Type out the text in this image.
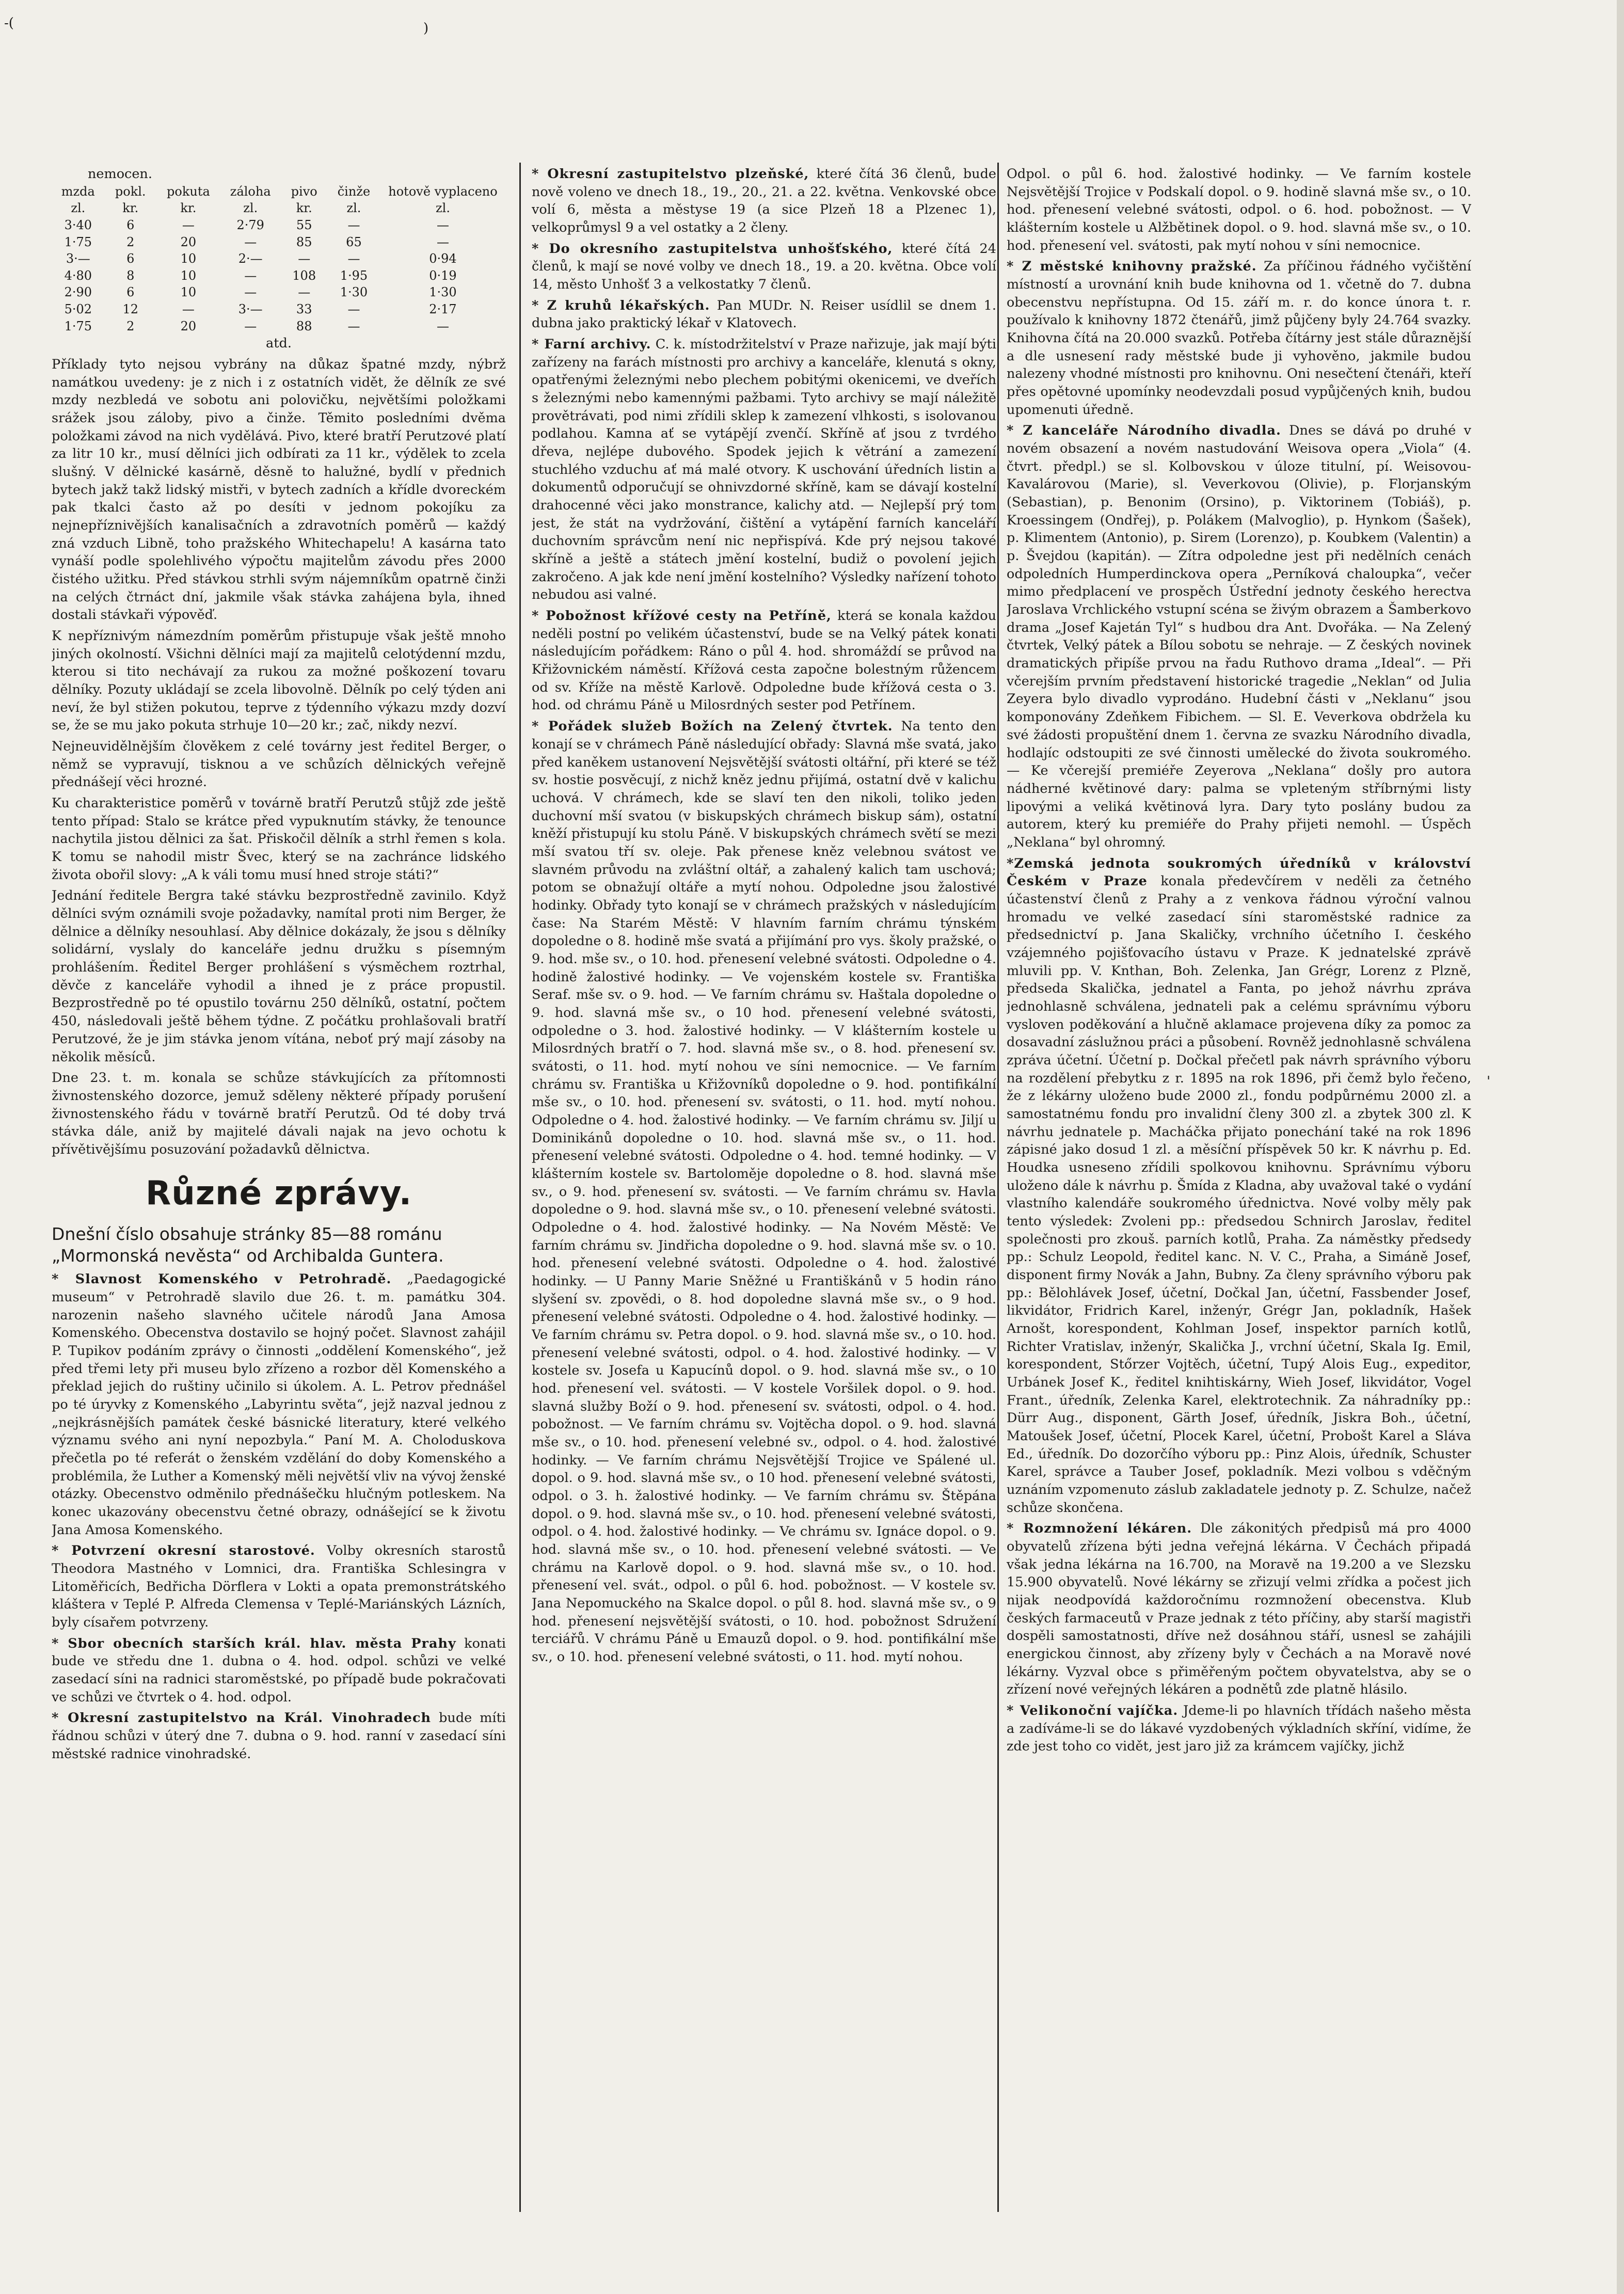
-(	)
'

nemocen.

mzda zl.	pokl. kr.	pokuta kr.	záloha zl.	pivo kr.	činže zl.	hotově vyplaceno zl.
3·40	6	—	2·79	55	—	—
1·75	2	20	—	85	65	—
3·—	6	10	2·—	—	—	0·94
4·80	8	10	—	108	1·95	0·19
2·90	6	10	—	—	1·30	1·30
5·02	12	—	3·—	33	—	2·17
1·75	2	20	—	88	—	—

atd.

Příklady tyto nejsou vybrány na důkaz špatné mzdy, nýbrž namátkou uvedeny: je z nich i z ostatních vidět, že dělník ze své mzdy nezbledá ve sobotu ani polovičku, největšími položkami srážek jsou záloby, pivo a činže. Těmito posledními dvěma položkami závod na nich vydělává. Pivo, které bratří Perutzové platí za litr 10 kr., musí dělníci jich odbírati za 11 kr., výdělek to zcela slušný. V dělnické kasárně, děsně to halužné, bydlí v přednich bytech jakž takž lidský mistři, v bytech zadních a křídle dvoreckém pak tkalci často až po desíti v jednom pokojíku za nejnepříznivějších kanalisačních a zdravotních poměrů — každý zná vzduch Libně, toho pražského Whitechapelu! A kasárna tato vynáší podle spolehlivého výpočtu majitelům závodu přes 2000 čistého užitku. Před stávkou strhli svým nájemníkům opatrně činži na celých čtrnáct dní, jakmile však stávka zahájena byla, ihned dostali stávkaři výpověď.

K nepříznivým námezdním poměrům přistupuje však ještě mnoho jiných okolností. Všichni dělníci mají za majitelů celotýdenní mzdu, kterou si tito nechávají za rukou za možné poškození tovaru dělníky. Pozuty ukládají se zcela libovolně. Dělník po celý týden ani neví, že byl stižen pokutou, teprve z týdenního výkazu mzdy dozví se, že se mu jako pokuta strhuje 10—20 kr.; zač, nikdy nezví.

Nejneuvidělnějším člověkem z celé továrny jest ředitel Berger, o němž se vypravují, tisknou a ve schůzích dělnických veřejně přednášejí věci hrozné.

Ku charakteristice poměrů v továrně bratří Perutzů stůjž zde ještě tento případ: Stalo se krátce před vypuknutím stávky, že tenounce nachytila jistou dělnici za šat. Přiskočil dělník a strhl řemen s kola. K tomu se nahodil mistr Švec, který se na zachránce lidského života obořil slovy: „A k váli tomu musí hned stroje státi?“

Jednání ředitele Bergra také stávku bezprostředně zavinilo. Když dělníci svým oznámili svoje požadavky, namítal proti nim Berger, že dělnice a dělníky nesouhlasí. Aby dělnice dokázaly, že jsou s dělníky solidární, vyslaly do kanceláře jednu družku s písemným prohlášením. Ředitel Berger prohlášení s výsměchem roztrhal, děvče z kanceláře vyhodil a ihned je z práce propustil. Bezprostředně po té opustilo továrnu 250 dělníků, ostatní, počtem 450, následovali ještě během týdne. Z počátku prohlašovali bratří Perutzové, že je jim stávka jenom vítána, neboť prý mají zásoby na několik měsíců.

Dne 23. t. m. konala se schůze stávkujících za přítomnosti živnostenského dozorce, jemuž sděleny některé případy porušení živnostenského řádu v továrně bratří Perutzů. Od té doby trvá stávka dále, aniž by majitelé dávali najak na jevo ochotu k přívětivějšímu posuzování požadavků dělnictva.

Různé zprávy.

Dnešní číslo obsahuje stránky 85—88 románu „Mormonská nevěsta“ od Archibalda Guntera.

* Slavnost Komenského v Petrohradě. „Paedagogické museum“ v Petrohradě slavilo due 26. t. m. památku 304. narozenin našeho slavného učitele národů Jana Amosa Komenského. Obecenstva dostavilo se hojný počet. Slavnost zahájil P. Tupikov podáním zprávy o činnosti „oddělení Komenského“, jež před třemi lety při museu bylo zřízeno a rozbor děl Komenského a překlad jejich do ruštiny učinilo si úkolem. A. L. Petrov přednášel po té úryvky z Komenského „Labyrintu světa“, jejž nazval jednou z „nejkrásnějších památek české básnické literatury, které velkého významu svého ani nyní nepozbyla.“ Paní M. A. Choloduskova přečetla po té referát o ženském vzdělání do doby Komenského a problémila, že Luther a Komenský měli největší vliv na vývoj ženské otázky. Obecenstvo odměnilo přednášečku hlučným potleskem. Na konec ukazovány obecenstvu četné obrazy, odnášející se k životu Jana Amosa Komenského.

* Potvrzení okresní starostové. Volby okresních starostů Theodora Mastného v Lomnici, dra. Františka Schlesingra v Litoměřicích, Bedřicha Dörflera v Lokti a opata premonstrátského kláštera v Teplé P. Alfreda Clemensa v Teplé-Mariánských Lázních, byly císařem potvrzeny.

* Sbor obecních starších král. hlav. města Prahy konati bude ve středu dne 1. dubna o 4. hod. odpol. schůzi ve velké zasedací síni na radnici staroměstské, po případě bude pokračovati ve schůzi ve čtvrtek o 4. hod. odpol.

* Okresní zastupitelstvo na Král. Vinohradech bude míti řádnou schůzi v úterý dne 7. dubna o 9. hod. ranní v zasedací síni městské radnice vinohradské.

* Okresní zastupitelstvo plzeňské, které čítá 36 členů, bude nově voleno ve dnech 18., 19., 20., 21. a 22. května. Venkovské obce volí 6, města a městyse 19 (a sice Plzeň 18 a Plzenec 1), velkoprůmysl 9 a vel ostatky a 2 členy.

* Do okresního zastupitelstva unhošťského, které čítá 24 členů, k mají se nové volby ve dnech 18., 19. a 20. května. Obce volí 14, město Unhošť 3 a velkostatky 7 členů.

* Z kruhů lékařských. Pan MUDr. N. Reiser usídlil se dnem 1. dubna jako praktický lékař v Klatovech.

* Farní archivy. C. k. místodržitelství v Praze nařizuje, jak mají býti zařízeny na farách místnosti pro archivy a kanceláře, klenutá s okny, opatřenými železnými nebo plechem pobitými okenicemi, ve dveřích s železnými nebo kamennými pažbami. Tyto archivy se mají náležitě provětrávati, pod nimi zřídili sklep k zamezení vlhkosti, s isolovanou podlahou. Kamna ať se vytápějí zvenčí. Skříně ať jsou z tvrdého dřeva, nejlépe dubového. Spodek jejich k větrání a zamezení stuchlého vzduchu ať má malé otvory. K uschování úředních listin a dokumentů odporučují se ohnivzdorné skříně, kam se dávají kostelní drahocenné věci jako monstrance, kalichy atd. — Nejlepší prý tom jest, že stát na vydržování, čištění a vytápění farních kanceláří duchovním správcům není nic nepřispívá. Kde prý nejsou takové skříně a ještě a státech jmění kostelní, budiž o povolení jejich zakročeno. A jak kde není jmění kostelního? Výsledky nařízení tohoto nebudou asi valné.

* Pobožnost křížové cesty na Petříně, která se konala každou neděli postní po velikém účastenství, bude se na Velký pátek konati následujícím pořádkem: Ráno o půl 4. hod. shromáždí se průvod na Křižovnickém náměstí. Křížová cesta započne bolestným růžencem od sv. Kříže na městě Karlově. Odpoledne bude křížová cesta o 3. hod. od chrámu Páně u Milosrdných sester pod Petřínem.

* Pořádek služeb Božích na Zelený čtvrtek. Na tento den konají se v chrámech Páně následující obřady: Slavná mše svatá, jako před kaněkem ustanovení Nejsvětější svátosti oltářní, při které se též sv. hostie posvěcují, z nichž kněz jednu přijímá, ostatní dvě v kalichu uchová. V chrámech, kde se slaví ten den nikoli, toliko jeden duchovní mší svatou (v biskupských chrámech biskup sám), ostatní kněží přistupují ku stolu Páně. V biskupských chrámech světí se mezi mší svatou tří sv. oleje. Pak přenese kněz velebnou svátost ve slavném průvodu na zvláštní oltář, a zahalený kalich tam uschová; potom se obnažují oltáře a mytí nohou. Odpoledne jsou žalostivé hodinky. Obřady tyto konají se v chrámech pražských v následujícím čase: Na Starém Městě: V hlavním farním chrámu týnském dopoledne o 8. hodině mše svatá a přijímání pro vys. školy pražské, o 9. hod. mše sv., o 10. hod. přenesení velebné svátosti. Odpoledne o 4. hodině žalostivé hodinky. — Ve vojenském kostele sv. Františka Seraf. mše sv. o 9. hod. — Ve farním chrámu sv. Haštala dopoledne o 9. hod. slavná mše sv., o 10 hod. přenesení velebné svátosti, odpoledne o 3. hod. žalostivé hodinky. — V klášterním kostele u Milosrdných bratří o 7. hod. slavná mše sv., o 8. hod. přenesení sv. svátosti, o 11. hod. mytí nohou ve síni nemocnice. — Ve farním chrámu sv. Františka u Křižovníků dopoledne o 9. hod. pontifikální mše sv., o 10. hod. přenesení sv. svátosti, o 11. hod. mytí nohou. Odpoledne o 4. hod. žalostivé hodinky. — Ve farním chrámu sv. Jiljí u Dominikánů dopoledne o 10. hod. slavná mše sv., o 11. hod. přenesení velebné svátosti. Odpoledne o 4. hod. temné hodinky. — V klášterním kostele sv. Bartoloměje dopoledne o 8. hod. slavná mše sv., o 9. hod. přenesení sv. svátosti. — Ve farním chrámu sv. Havla dopoledne o 9. hod. slavná mše sv., o 10. přenesení velebné svátosti. Odpoledne o 4. hod. žalostivé hodinky. — Na Novém Městě: Ve farním chrámu sv. Jindřicha dopoledne o 9. hod. slavná mše sv. o 10. hod. přenesení velebné svátosti. Odpoledne o 4. hod. žalostivé hodinky. — U Panny Marie Sněžné u Františkánů v 5 hodin ráno slyšení sv. zpovědi, o 8. hod dopoledne slavná mše sv., o 9 hod. přenesení velebné svátosti. Odpoledne o 4. hod. žalostivé hodinky. — Ve farním chrámu sv. Petra dopol. o 9. hod. slavná mše sv., o 10. hod. přenesení velebné svátosti, odpol. o 4. hod. žalostivé hodinky. — V kostele sv. Josefa u Kapucínů dopol. o 9. hod. slavná mše sv., o 10 hod. přenesení vel. svátosti. — V kostele Voršilek dopol. o 9. hod. slavná služby Boží o 9. hod. přenesení sv. svátosti, odpol. o 4. hod. pobožnost. — Ve farním chrámu sv. Vojtěcha dopol. o 9. hod. slavná mše sv., o 10. hod. přenesení velebné sv., odpol. o 4. hod. žalostivé hodinky. — Ve farním chrámu Nejsvětější Trojice ve Spálené ul. dopol. o 9. hod. slavná mše sv., o 10 hod. přenesení velebné svátosti, odpol. o 3. h. žalostivé hodinky. — Ve farním chrámu sv. Štěpána dopol. o 9. hod. slavná mše sv., o 10. hod. přenesení velebné svátosti, odpol. o 4. hod. žalostivé hodinky. — Ve chrámu sv. Ignáce dopol. o 9. hod. slavná mše sv., o 10. hod. přenesení velebné svátosti. — Ve chrámu na Karlově dopol. o 9. hod. slavná mše sv., o 10. hod. přenesení vel. svát., odpol. o půl 6. hod. pobožnost. — V kostele sv. Jana Nepomuckého na Skalce dopol. o půl 8. hod. slavná mše sv., o 9 hod. přenesení nejsvětější svátosti, o 10. hod. pobožnost Sdružení terciářů. V chrámu Páně u Emauzů dopol. o 9. hod. pontifikální mše sv., o 10. hod. přenesení velebné svátosti, o 11. hod. mytí nohou.

Odpol. o půl 6. hod. žalostivé hodinky. — Ve farním kostele Nejsvětější Trojice v Podskalí dopol. o 9. hodině slavná mše sv., o 10. hod. přenesení velebné svátosti, odpol. o 6. hod. pobožnost. — V klášterním kostele u Alžbětinek dopol. o 9. hod. slavná mše sv., o 10. hod. přenesení vel. svátosti, pak mytí nohou v síni nemocnice.

* Z městské knihovny pražské. Za příčinou řádného vyčištění místností a urovnání knih bude knihovna od 1. včetně do 7. dubna obecenstvu nepřístupna. Od 15. září m. r. do konce února t. r. používalo k knihovny 1872 čtenářů, jimž půjčeny byly 24.764 svazky. Knihovna čítá na 20.000 svazků. Potřeba čítárny jest stále důraznější a dle usnesení rady městské bude ji vyhověno, jakmile budou nalezeny vhodné místnosti pro knihovnu. Oni nesečtení čtenáři, kteří přes opětovné upomínky neodevzdali posud vypůjčených knih, budou upomenuti úředně.

* Z kanceláře Národního divadla. Dnes se dává po druhé v novém obsazení a novém nastudování Weisova opera „Viola“ (4. čtvrt. předpl.) se sl. Kolbovskou v úloze titulní, pí. Weisovou-Kavalárovou (Marie), sl. Veverkovou (Olivie), p. Florjanským (Sebastian), p. Benonim (Orsino), p. Viktorinem (Tobiáš), p. Kroessingem (Ondřej), p. Polákem (Malvoglio), p. Hynkom (Šašek), p. Klimentem (Antonio), p. Sirem (Lorenzo), p. Koubkem (Valentin) a p. Švejdou (kapitán). — Zítra odpoledne jest při nedělních cenách odpoledních Humperdinckova opera „Perníková chaloupka“, večer mimo předplacení ve prospěch Ústřední jednoty českého herectva Jaroslava Vrchlického vstupní scéna se živým obrazem a Šamberkovo drama „Josef Kajetán Tyl“ s hudbou dra Ant. Dvořáka. — Na Zelený čtvrtek, Velký pátek a Bílou sobotu se nehraje. — Z českých novinek dramatických připíše prvou na řadu Ruthovo drama „Ideal“. — Při včerejším prvním představení historické tragedie „Neklan“ od Julia Zeyera bylo divadlo vyprodáno. Hudební části v „Neklanu“ jsou komponovány Zdeňkem Fibichem. — Sl. E. Veverkova obdržela ku své žádosti propuštění dnem 1. června ze svazku Národního divadla, hodlajíc odstoupiti ze své činnosti umělecké do života soukromého. — Ke včerejší premiéře Zeyerova „Neklana“ došly pro autora nádherné květinové dary: palma se vpleteným stříbrnými listy lipovými a veliká květinová lyra. Dary tyto poslány budou za autorem, který ku premiéře do Prahy přijeti nemohl. — Úspěch „Neklana“ byl ohromný.

*Zemská jednota soukromých úředníků v království Českém v Praze konala předevčírem v neděli za četného účastenství členů z Prahy a z venkova řádnou výroční valnou hromadu ve velké zasedací síni staroměstské radnice za předsednictví p. Jana Skaličky, vrchního účetního I. českého vzájemného pojišťovacího ústavu v Praze. K jednatelské zprávě mluvili pp. V. Knthan, Boh. Zelenka, Jan Grégr, Lorenz z Plzně, předseda Skalička, jednatel a Fanta, po jehož návrhu zpráva jednohlasně schválena, jednateli pak a celému správnímu výboru vysloven poděkování a hlučně aklamace projevena díky za pomoc za dosavadní záslužnou práci a působení. Rovněž jednohlasně schválena zpráva účetní. Účetní p. Dočkal přečetl pak návrh správního výboru na rozdělení přebytku z r. 1895 na rok 1896, při čemž bylo řečeno, že z lékárny uloženo bude 2000 zl., fondu podpůrnému 2000 zl. a samostatnému fondu pro invalidní členy 300 zl. a zbytek 300 zl. K návrhu jednatele p. Macháčka přijato ponechání také na rok 1896 zápisné jako dosud 1 zl. a měsíční příspěvek 50 kr. K návrhu p. Ed. Houdka usneseno zřídili spolkovou knihovnu. Správnímu výboru uloženo dále k návrhu p. Šmída z Kladna, aby uvažoval také o vydání vlastního kalendáře soukromého úřednictva. Nové volby měly pak tento výsledek: Zvoleni pp.: předsedou Schnirch Jaroslav, ředitel společnosti pro zkouš. parních kotlů, Praha. Za náměstky předsedy pp.: Schulz Leopold, ředitel kanc. N. V. C., Praha, a Simáně Josef, disponent firmy Novák a Jahn, Bubny. Za členy správního výboru pak pp.: Bělohlávek Josef, účetní, Dočkal Jan, účetní, Fassbender Josef, likvidátor, Fridrich Karel, inženýr, Grégr Jan, pokladník, Hašek Arnošt, korespondent, Kohlman Josef, inspektor parních kotlů, Richter Vratislav, inženýr, Skalička J., vrchní účetní, Skala Ig. Emil, korespondent, Stőrzer Vojtěch, účetní, Tupý Alois Eug., expeditor, Urbánek Josef K., ředitel knihtiskárny, Wieh Josef, likvidátor, Vogel Frant., úředník, Zelenka Karel, elektrotechnik. Za náhradníky pp.: Dürr Aug., disponent, Gärth Josef, úředník, Jiskra Boh., účetní, Matoušek Josef, účetní, Plocek Karel, účetní, Probošt Karel a Sláva Ed., úředník. Do dozorčího výboru pp.: Pinz Alois, úředník, Schuster Karel, správce a Tauber Josef, pokladník. Mezi volbou s vděčným uznáním vzpomenuto záslub zakladatele jednoty p. Z. Schulze, načež schůze skončena.

* Rozmnožení lékáren. Dle zákonitých předpisů má pro 4000 obyvatelů zřízena býti jedna veřejná lékárna. V Čechách připadá však jedna lékárna na 16.700, na Moravě na 19.200 a ve Slezsku 15.900 obyvatelů. Nové lékárny se zřizují velmi zřídka a počest jich nijak neodpovídá každoročnímu rozmnožení obecenstva. Klub českých farmaceutů v Praze jednak z této příčiny, aby starší magistři dospěli samostatnosti, dříve než dosáhnou stáří, usnesl se zahájili energickou činnost, aby zřízeny byly v Čechách a na Moravě nové lékárny. Vyzval obce s přiměřeným počtem obyvatelstva, aby se o zřízení nové veřejných lékáren a podnětů zde platně hlásilo.

* Velikonoční vajíčka. Jdeme-li po hlavních třídách našeho města a zadíváme-li se do lákavé vyzdobených výkladních skříní, vidíme, že zde jest toho co vidět, jest jaro již za krámcem vajíčky, jichž
